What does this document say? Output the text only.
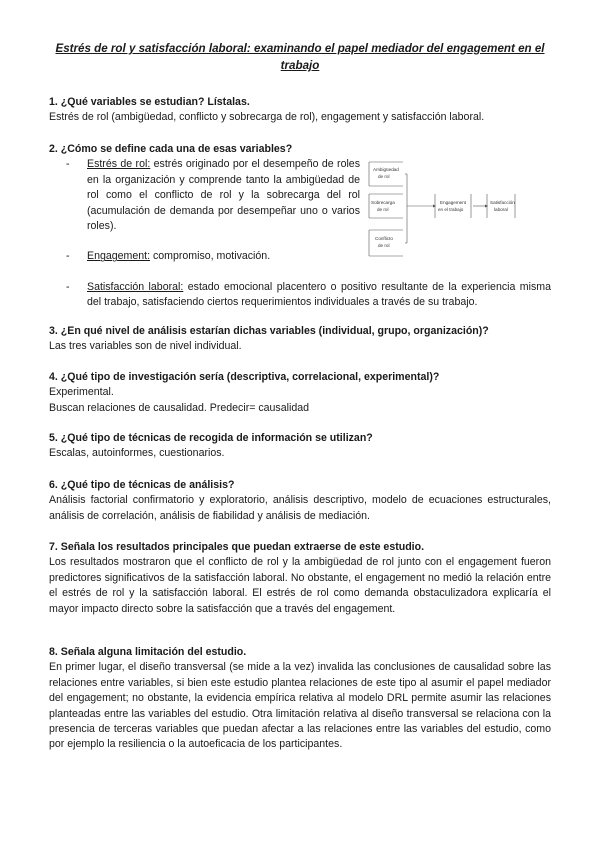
Estrés de rol y satisfacción laboral: examinando el papel mediador del engagement en el trabajo
1. ¿Qué variables se estudian? Lístalas.
Estrés de rol (ambigüedad, conflicto y sobrecarga de rol), engagement y satisfacción laboral.
2. ¿Cómo se define cada una de esas variables?
- Estrés de rol: estrés originado por el desempeño de roles en la organización y comprende tanto la ambigüedad de rol como el conflicto de rol y la sobrecarga del rol (acumulación de demanda por desempeñar uno o varios roles).
- Engagement: compromiso, motivación.
- Satisfacción laboral: estado emocional placentero o positivo resultante de la experiencia misma del trabajo, satisfaciendo ciertos requerimientos individuales a través de su trabajo.
Ambigüedad
de rol
Sobrecarga
de rol
Engagement
en el trabajo
Satisfacción
laboral
Conflicto
de rol
3. ¿En qué nivel de análisis estarían dichas variables (individual, grupo, organización)?
Las tres variables son de nivel individual.
4. ¿Qué tipo de investigación sería (descriptiva, correlacional, experimental)?
Experimental.
Buscan relaciones de causalidad. Predecir= causalidad
5. ¿Qué tipo de técnicas de recogida de información se utilizan?
Escalas, autoinformes, cuestionarios.
6. ¿Qué tipo de técnicas de análisis?
Análisis factorial confirmatorio y exploratorio, análisis descriptivo, modelo de ecuaciones estructurales, análisis de correlación, análisis de fiabilidad y análisis de mediación.
7. Señala los resultados principales que puedan extraerse de este estudio.
Los resultados mostraron que el conflicto de rol y la ambigüedad de rol junto con el engagement fueron predictores significativos de la satisfacción laboral. No obstante, el engagement no medió la relación entre el estrés de rol y la satisfacción laboral. El estrés de rol como demanda obstaculizadora explicaría el mayor impacto directo sobre la satisfacción que a través del engagement.
8. Señala alguna limitación del estudio.
En primer lugar, el diseño transversal (se mide a la vez) invalida las conclusiones de causalidad sobre las relaciones entre variables, si bien este estudio plantea relaciones de este tipo al asumir el papel mediador del engagement; no obstante, la evidencia empírica relativa al modelo DRL permite asumir las relaciones planteadas entre las variables del estudio. Otra limitación relativa al diseño transversal se relaciona con la presencia de terceras variables que puedan afectar a las relaciones entre las variables del estudio, como por ejemplo la resiliencia o la autoeficacia de los participantes.
